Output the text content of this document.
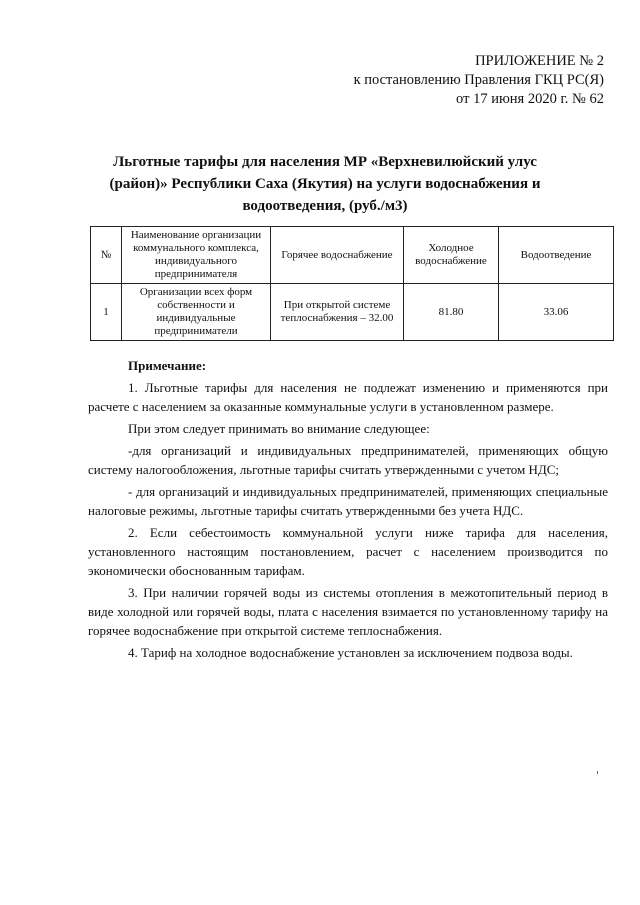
ПРИЛОЖЕНИЕ № 2
к постановлению Правления ГКЦ РС(Я)
от 17 июня 2020 г. № 62
Льготные тарифы для населения МР «Верхневилюйский улус (район)» Республики Саха (Якутия) на услуги водоснабжения и водоотведения, (руб./м3)
№	Наименование организации коммунального комплекса, индивидуального предпринимателя	Горячее водоснабжение	Холодное водоснабжение	Водоотведение
1	Организации всех форм собственности и индивидуальные предприниматели	При открытой системе теплоснабжения – 32.00	81.80	33.06
Примечание:

1. Льготные тарифы для населения не подлежат изменению и применяются при расчете с населением за оказанные коммунальные услуги в установленном размере.

При этом следует принимать во внимание следующее:

-для организаций и индивидуальных предпринимателей, применяющих общую систему налогообложения, льготные тарифы считать утвержденными с учетом НДС;

- для организаций и индивидуальных предпринимателей, применяющих специальные налоговые режимы, льготные тарифы считать утвержденными без учета НДС.

2. Если себестоимость коммунальной услуги ниже тарифа для населения, установленного настоящим постановлением, расчет с населением производится по экономически обоснованным тарифам.

3. При наличии горячей воды из системы отопления в межотопительный период в виде холодной или горячей воды, плата с населения взимается по установленному тарифу на горячее водоснабжение при открытой системе теплоснабжения.

4. Тариф на холодное водоснабжение установлен за исключением подвоза воды.
